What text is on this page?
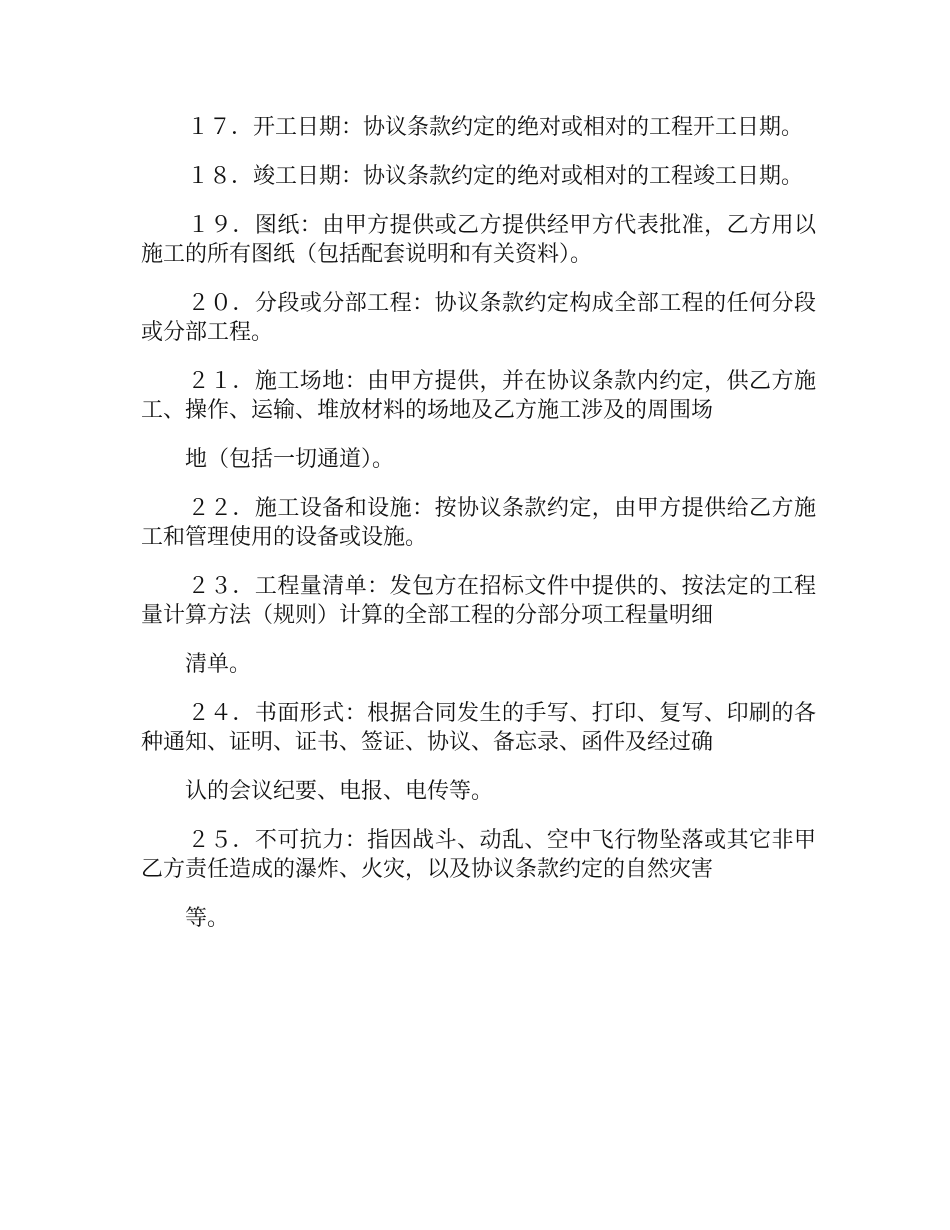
１７．开工日期：协议条款约定的绝对或相对的工程开工日期。

１８．竣工日期：协议条款约定的绝对或相对的工程竣工日期。

１９．图纸：由甲方提供或乙方提供经甲方代表批准，乙方用以施工的所有图纸（包括配套说明和有关资料）。

２０．分段或分部工程：协议条款约定构成全部工程的任何分段或分部工程。

２１．施工场地：由甲方提供，并在协议条款内约定，供乙方施工、操作、运输、堆放材料的场地及乙方施工涉及的周围场

地（包括一切通道）。

２２．施工设备和设施：按协议条款约定，由甲方提供给乙方施工和管理使用的设备或设施。

２３．工程量清单：发包方在招标文件中提供的、按法定的工程量计算方法（规则）计算的全部工程的分部分项工程量明细

清单。

２４．书面形式：根据合同发生的手写、打印、复写、印刷的各种通知、证明、证书、签证、协议、备忘录、函件及经过确

认的会议纪要、电报、电传等。

２５．不可抗力：指因战斗、动乱、空中飞行物坠落或其它非甲乙方责任造成的瀑炸、火灾，以及协议条款约定的自然灾害

等。
